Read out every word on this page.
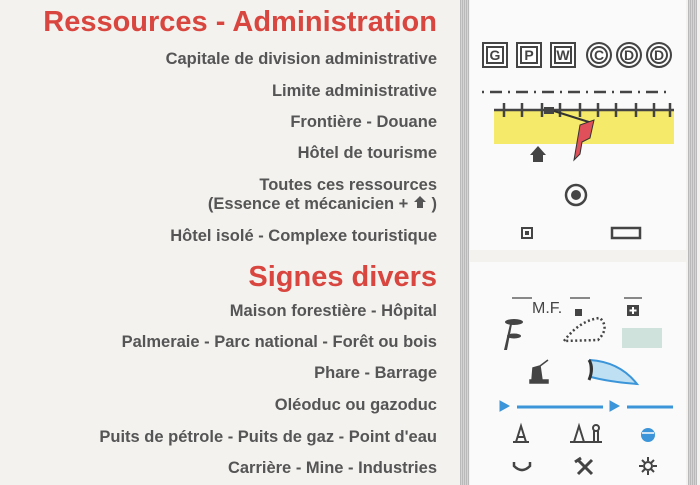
Ressources - Administration
Capitale de division administrative
Limite administrative
Frontière - Douane
Hôtel de tourisme
Toutes ces ressources
(Essence et mécanicien +  )
Hôtel isolé - Complexe touristique
Signes divers
Maison forestière - Hôpital
Palmeraie - Parc national - Forêt ou bois
Phare - Barrage
Oléoduc ou gazoduc
Puits de pétrole - Puits de gaz - Point d'eau
Carrière - Mine - Industries
G	P	W	C	D	D
M.F.
